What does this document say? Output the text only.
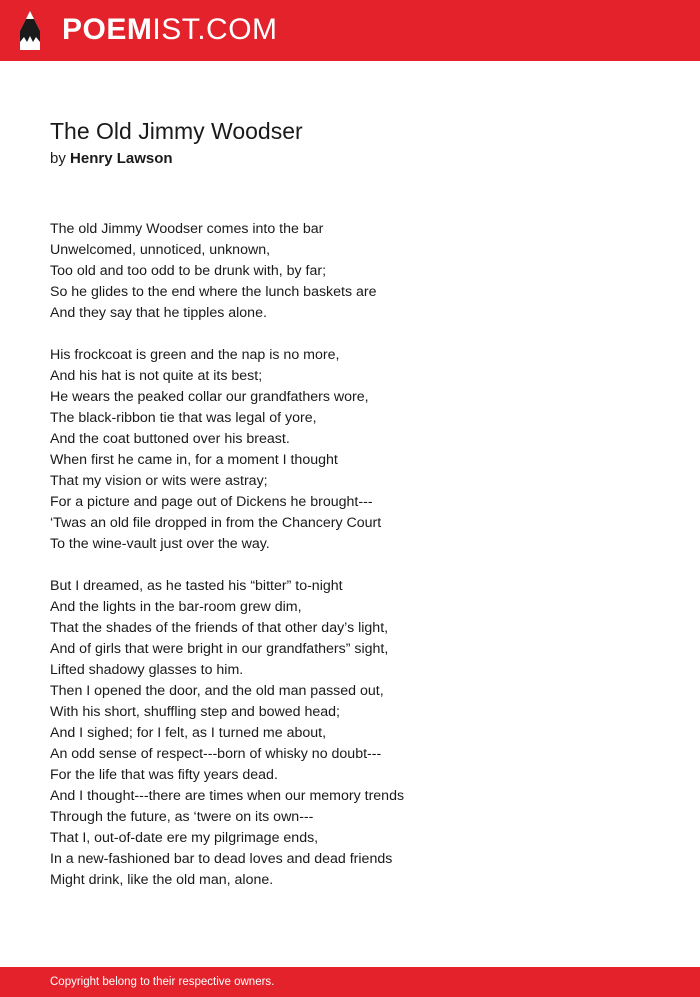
POEMIST.COM
The Old Jimmy Woodser
by Henry Lawson
The old Jimmy Woodser comes into the bar
Unwelcomed, unnoticed, unknown,
Too old and too odd to be drunk with, by far;
So he glides to the end where the lunch baskets are
And they say that he tipples alone.
His frockcoat is green and the nap is no more,
And his hat is not quite at its best;
He wears the peaked collar our grandfathers wore,
The black-ribbon tie that was legal of yore,
And the coat buttoned over his breast.
When first he came in, for a moment I thought
That my vision or wits were astray;
For a picture and page out of Dickens he brought---
‘Twas an old file dropped in from the Chancery Court
To the wine-vault just over the way.
But I dreamed, as he tasted his “bitter” to-night
And the lights in the bar-room grew dim,
That the shades of the friends of that other day’s light,
And of girls that were bright in our grandfathers” sight,
Lifted shadowy glasses to him.
Then I opened the door, and the old man passed out,
With his short, shuffling step and bowed head;
And I sighed; for I felt, as I turned me about,
An odd sense of respect---born of whisky no doubt---
For the life that was fifty years dead.
And I thought---there are times when our memory trends
Through the future, as ‘twere on its own---
That I, out-of-date ere my pilgrimage ends,
In a new-fashioned bar to dead loves and dead friends
Might drink, like the old man, alone.
Copyright belong to their respective owners.
